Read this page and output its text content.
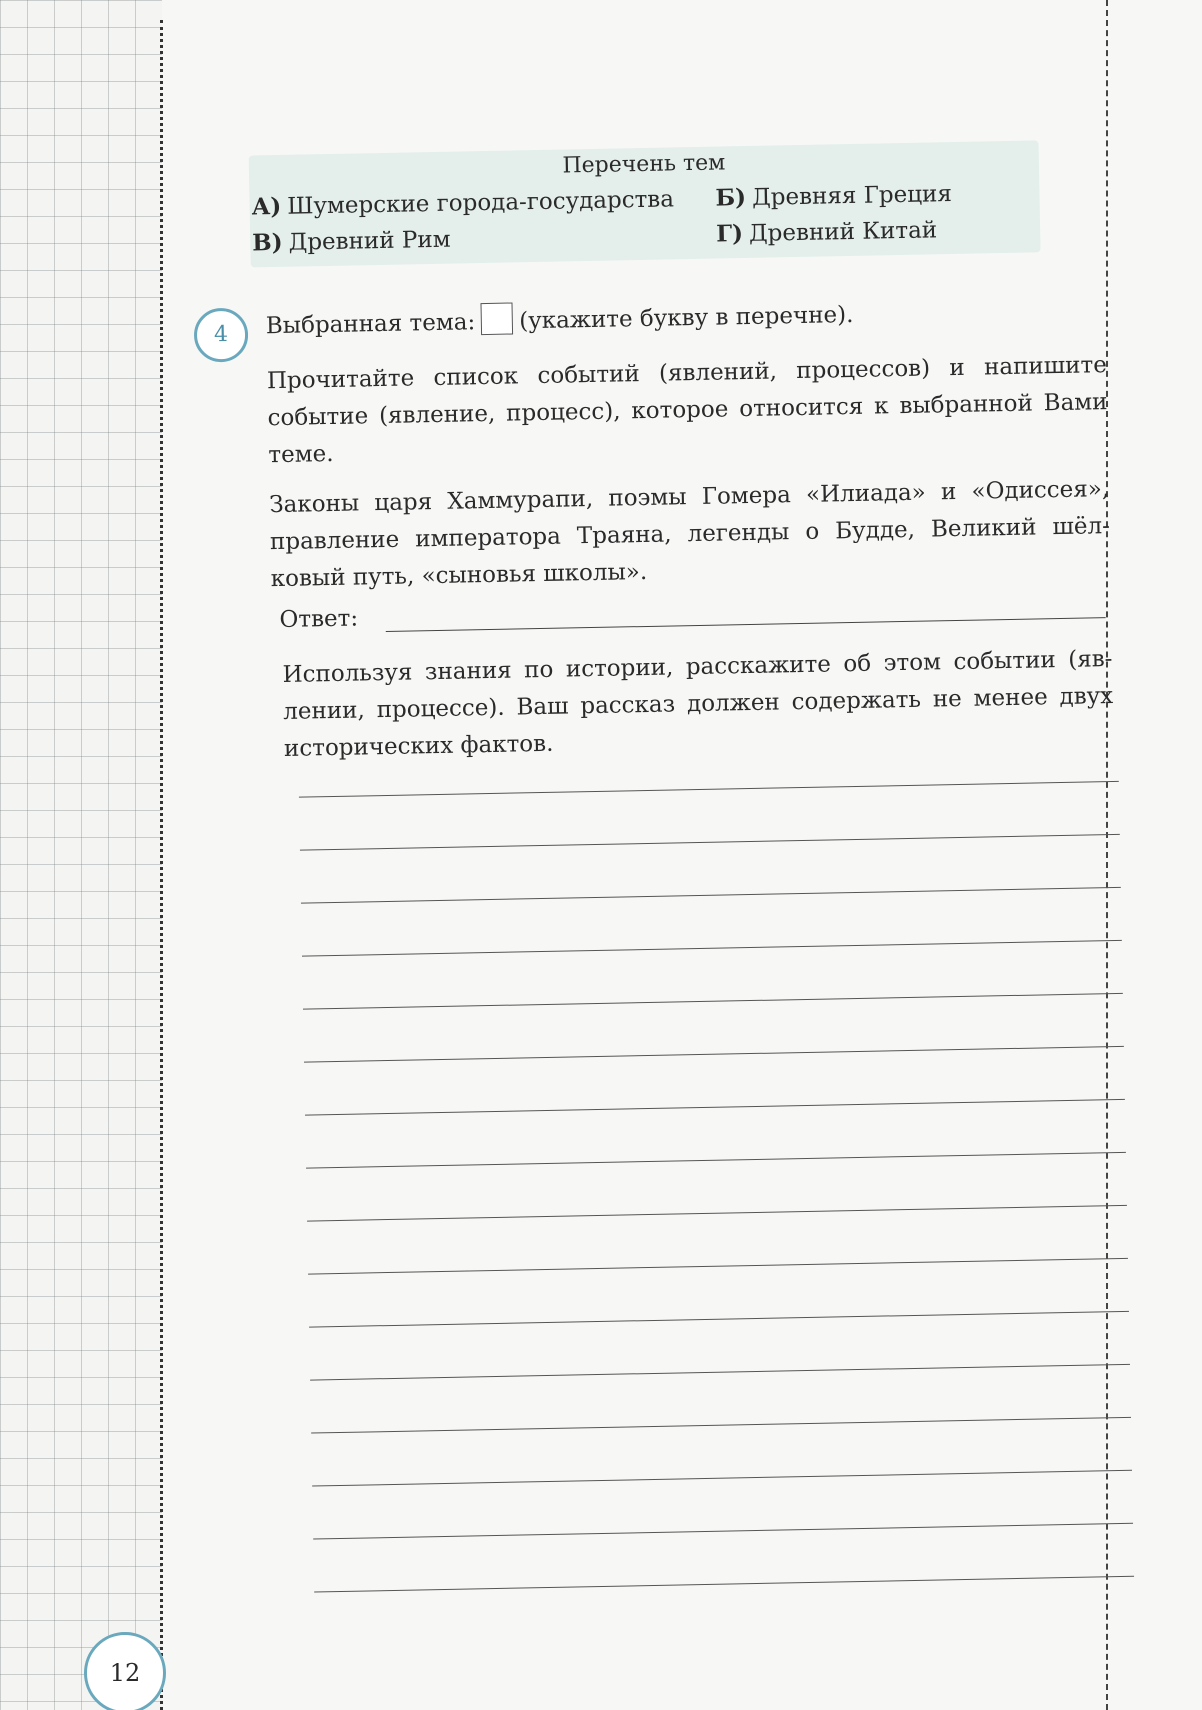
Перечень тем
А) Шумерские города-государства Б) Древняя Греция
В) Древний Рим	Г) Древний Китай
4	Выбранная тема: (укажите букву в перечне).
Прочитайте список событий (явлений, процессов) и напишите событие (явление, процесс), которое относится к выбранной Вами теме.
Законы царя Хаммурапи, поэмы Гомера «Илиада» и «Одиссея», правление императора Траяна, легенды о Будде, Великий шёлковый путь, «сыновья школы».
Ответ:
Используя знания по истории, расскажите об этом событии (явлении, процессе). Ваш рассказ должен содержать не менее двух исторических фактов.
12
